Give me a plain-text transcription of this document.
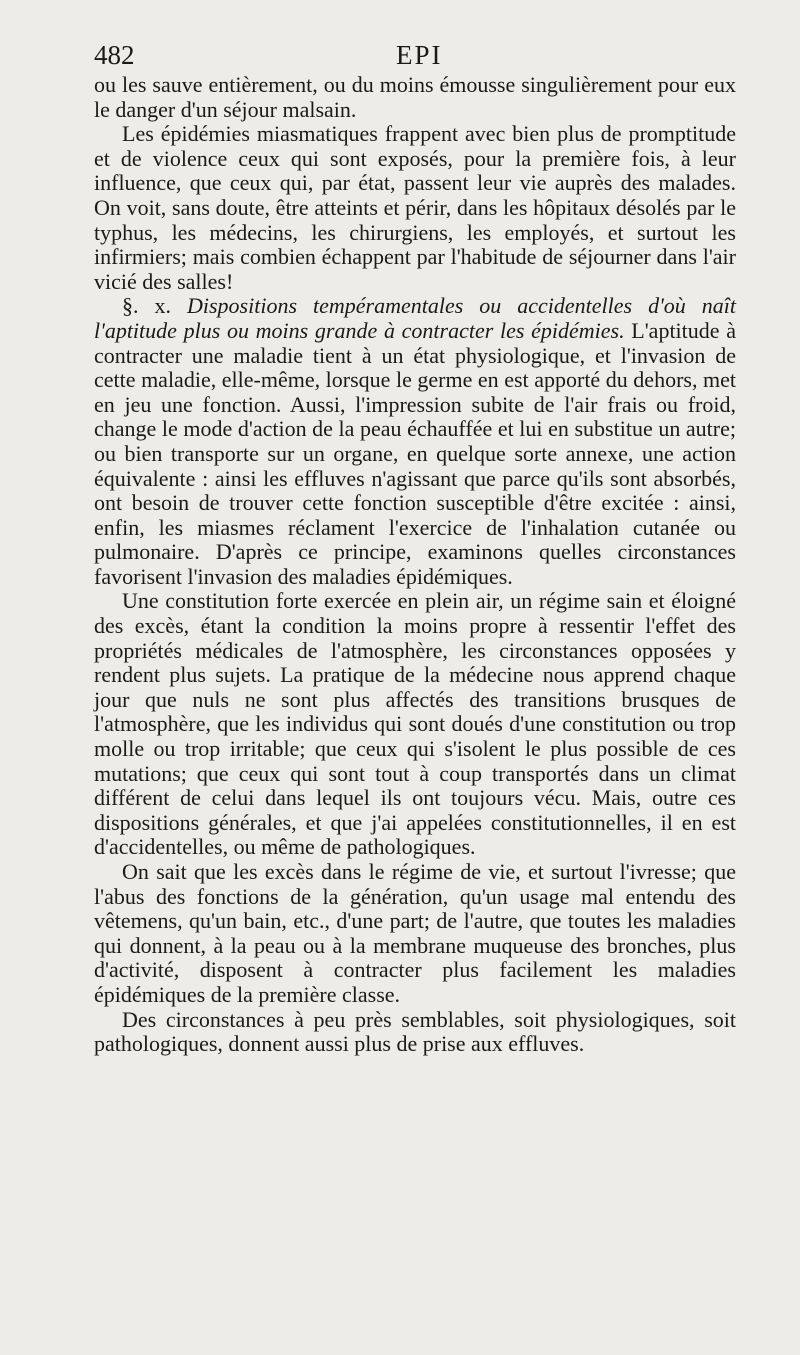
482	EPI

ou les sauve entièrement, ou du moins émousse singulièrement pour eux le danger d'un séjour malsain.

Les épidémies miasmatiques frappent avec bien plus de promptitude et de violence ceux qui sont exposés, pour la première fois, à leur influence, que ceux qui, par état, passent leur vie auprès des malades. On voit, sans doute, être atteints et périr, dans les hôpitaux désolés par le typhus, les médecins, les chirurgiens, les employés, et surtout les infirmiers; mais combien échappent par l'habitude de séjourner dans l'air vicié des salles!

§. x. Dispositions tempéramentales ou accidentelles d'où naît l'aptitude plus ou moins grande à contracter les épidémies. L'aptitude à contracter une maladie tient à un état physiologique, et l'invasion de cette maladie, elle-même, lorsque le germe en est apporté du dehors, met en jeu une fonction. Aussi, l'impression subite de l'air frais ou froid, change le mode d'action de la peau échauffée et lui en substitue un autre; ou bien transporte sur un organe, en quelque sorte annexe, une action équivalente : ainsi les effluves n'agissant que parce qu'ils sont absorbés, ont besoin de trouver cette fonction susceptible d'être excitée : ainsi, enfin, les miasmes réclament l'exercice de l'inhalation cutanée ou pulmonaire. D'après ce principe, examinons quelles circonstances favorisent l'invasion des maladies épidémiques.

Une constitution forte exercée en plein air, un régime sain et éloigné des excès, étant la condition la moins propre à ressentir l'effet des propriétés médicales de l'atmosphère, les circonstances opposées y rendent plus sujets. La pratique de la médecine nous apprend chaque jour que nuls ne sont plus affectés des transitions brusques de l'atmosphère, que les individus qui sont doués d'une constitution ou trop molle ou trop irritable; que ceux qui s'isolent le plus possible de ces mutations; que ceux qui sont tout à coup transportés dans un climat différent de celui dans lequel ils ont toujours vécu. Mais, outre ces dispositions générales, et que j'ai appelées constitutionnelles, il en est d'accidentelles, ou même de pathologiques.

On sait que les excès dans le régime de vie, et surtout l'ivresse; que l'abus des fonctions de la génération, qu'un usage mal entendu des vêtemens, qu'un bain, etc., d'une part; de l'autre, que toutes les maladies qui donnent, à la peau ou à la membrane muqueuse des bronches, plus d'activité, disposent à contracter plus facilement les maladies épidémiques de la première classe.

Des circonstances à peu près semblables, soit physiologiques, soit pathologiques, donnent aussi plus de prise aux effluves.
